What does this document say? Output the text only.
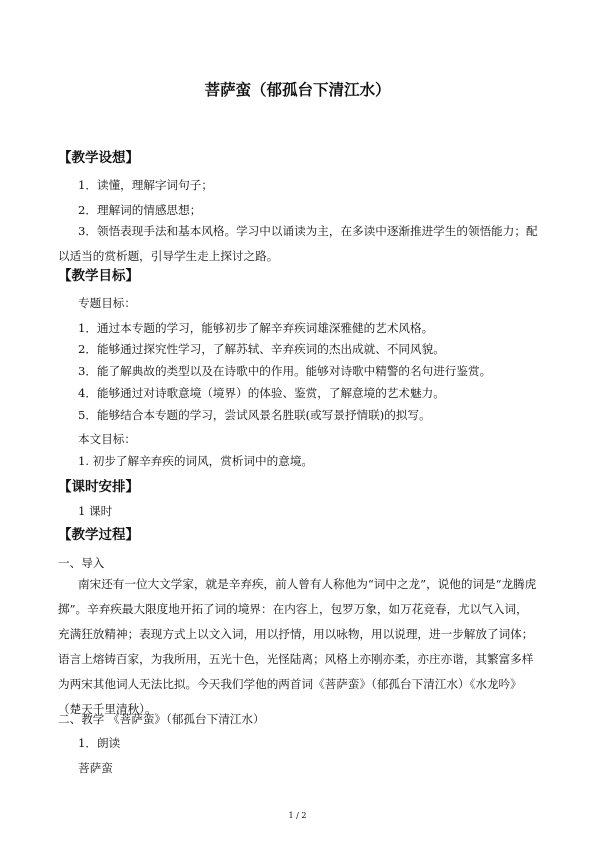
菩萨蛮（郁孤台下清江水）
【教学设想】
1．读懂，理解字词句子；
2．理解词的情感思想；
3．领悟表现手法和基本风格。学习中以诵读为主，在多读中逐渐推进学生的领悟能力；配以适当的赏析题，引导学生走上探讨之路。
【教学目标】
专题目标：
1．通过本专题的学习，能够初步了解辛弃疾词雄深雅健的艺术风格。
2．能够通过探究性学习，了解苏轼、辛弃疾词的杰出成就、不同风貌。
3．能了解典故的类型以及在诗歌中的作用。能够对诗歌中精警的名句进行鉴赏。
4．能够通过对诗歌意境（境界）的体验、鉴赏，了解意境的艺术魅力。
5．能够结合本专题的学习，尝试风景名胜联(或写景抒情联)的拟写。
本文目标：
1. 初步了解辛弃疾的词风，赏析词中的意境。
【课时安排】
1 课时
【教学过程】
一、导入
南宋还有一位大文学家，就是辛弃疾，前人曾有人称他为“词中之龙”，说他的词是“龙腾虎掷”。辛弃疾最大限度地开拓了词的境界：在内容上，包罗万象，如万花竞春，尤以气入词，充满狂放精神；表现方式上以文入词，用以抒情，用以咏物，用以说理，进一步解放了词体；语言上熔铸百家，为我所用，五光十色，光怪陆离；风格上亦刚亦柔，亦庄亦谐，其繁富多样为两宋其他词人无法比拟。今天我们学他的两首词《菩萨蛮》（郁孤台下清江水）《水龙吟》（楚天千里清秋）。
二、教学 《菩萨蛮》（郁孤台下清江水）
1．朗读
菩萨蛮
1 / 2
